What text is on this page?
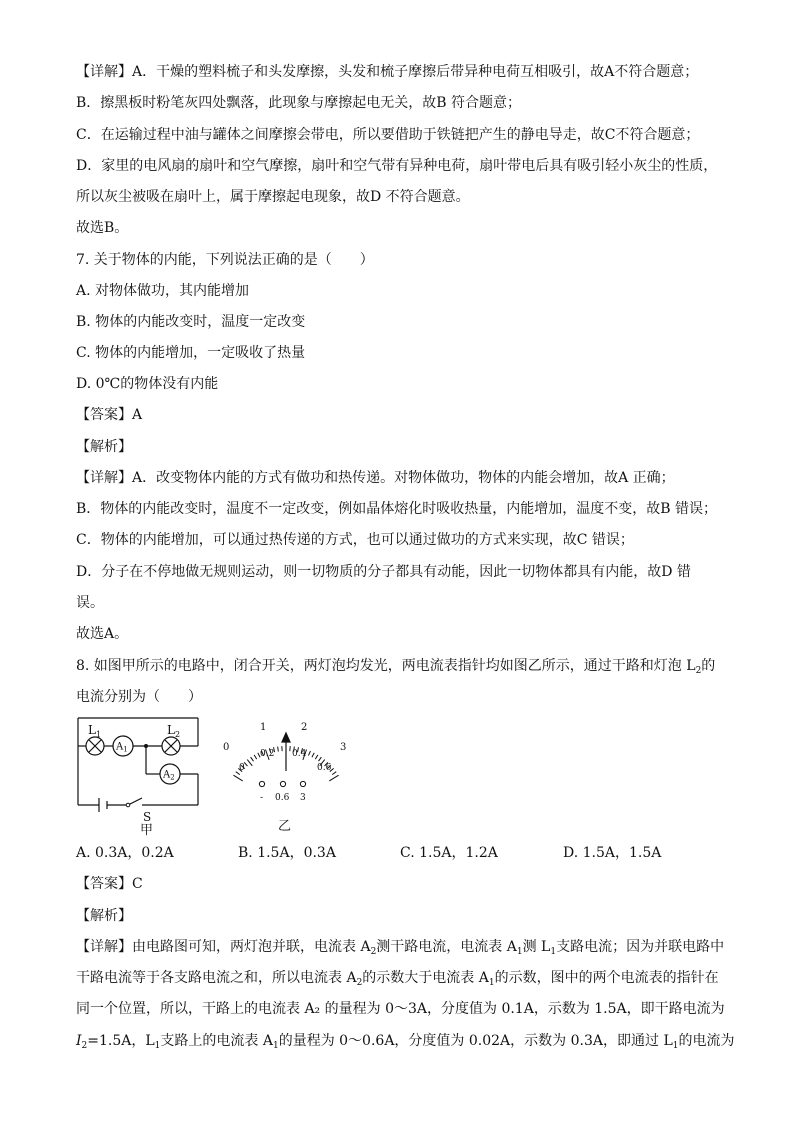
【详解】A．干燥的塑料梳子和头发摩擦，头发和梳子摩擦后带异种电荷互相吸引，故A不符合题意；
B．擦黑板时粉笔灰四处飘落，此现象与摩擦起电无关，故B 符合题意；
C．在运输过程中油与罐体之间摩擦会带电，所以要借助于铁链把产生的静电导走，故C不符合题意；
D．家里的电风扇的扇叶和空气摩擦，扇叶和空气带有异种电荷，扇叶带电后具有吸引轻小灰尘的性质，
所以灰尘被吸在扇叶上，属于摩擦起电现象，故D 不符合题意。
故选B。
7. 关于物体的内能，下列说法正确的是（　　）
A. 对物体做功，其内能增加
B. 物体的内能改变时，温度一定改变
C. 物体的内能增加，一定吸收了热量
D. 0℃的物体没有内能
【答案】A
【解析】
【详解】A．改变物体内能的方式有做功和热传递。对物体做功，物体的内能会增加，故A 正确；
B．物体的内能改变时，温度不一定改变，例如晶体熔化时吸收热量，内能增加，温度不变，故B 错误；
C．物体的内能增加，可以通过热传递的方式，也可以通过做功的方式来实现，故C 错误；
D．分子在不停地做无规则运动，则一切物质的分子都具有动能，因此一切物体都具有内能，故D 错
误。
故选A。
8. 如图甲所示的电路中，闭合开关，两灯泡均发光，两电流表指针均如图乙所示，通过干路和灯泡 $L_2$的
电流分别为（　　）
$A_1$
$A_2$
$L_1$	$L_2$
S
甲
0
1	2
3
0
0.2 0.4
0.6
- 0.6 3
乙
A. 0.3A，0.2A	B. 1.5A，0.3A	C. 1.5A，1.2A	D. 1.5A，1.5A
【答案】C
【解析】
【详解】由电路图可知，两灯泡并联，电流表 $A_2$测干路电流，电流表 $A_1$测 $L_1$支路电流；因为并联电路中
干路电流等于各支路电流之和，所以电流表 $A_2$的示数大于电流表 $A_1$的示数，图中的两个电流表的指针在
同一个位置，所以，干路上的电流表 A₂ 的量程为 0～3A，分度值为 0.1A，示数为 1.5A，即干路电流为
$I_2=1.5A$，$L_1$支路上的电流表 $A_1$的量程为 0～0.6A，分度值为 0.02A，示数为 0.3A，即通过 $L_1$的电流为
